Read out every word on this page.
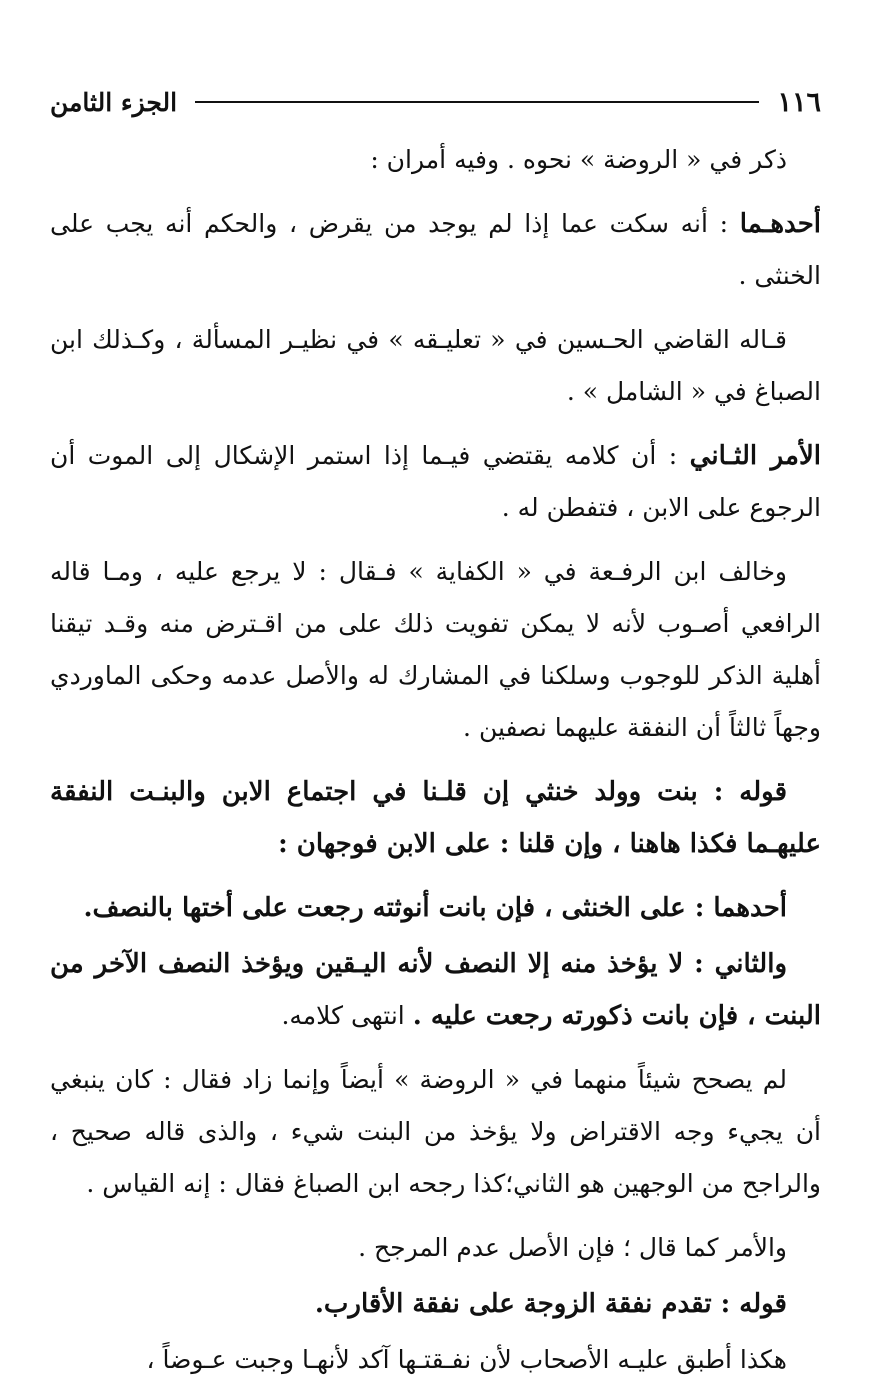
١١٦
الجزء الثامن

ذكر في « الروضة » نحوه . وفيه أمران :

أحدهـما : أنه سكت عما إذا لم يوجد من يقرض ، والحكم أنه يجب على الخنثى .

قـاله القاضي الحـسين في « تعليـقه » في نظيـر المسألة ، وكـذلك ابن الصباغ في « الشامل » .

الأمر الثـاني : أن كلامه يقتضي فيـما إذا استمر الإشكال إلى الموت أن الرجوع على الابن ، فتفطن له .

وخالف ابن الرفـعة في « الكفاية » فـقال : لا يرجع عليه ، ومـا قاله الرافعي أصـوب لأنه لا يمكن تفويت ذلك على من اقـترض منه وقـد تيقنا أهلية الذكر للوجوب وسلكنا في المشارك له والأصل عدمه وحكى الماوردي وجهاً ثالثاً أن النفقة عليهما نصفين .

قوله : بنت وولد خنثي إن قلـنا في اجتماع الابن والبنـت النفقة عليهـما فكذا هاهنا ، وإن قلنا : على الابن فوجهان :

أحدهما : على الخنثى ، فإن بانت أنوثته رجعت على أختها بالنصف.

والثاني : لا يؤخذ منه إلا النصف لأنه اليـقين ويؤخذ النصف الآخر من البنت ، فإن بانت ذكورته رجعت عليه . انتهى كلامه.

لم يصحح شيئاً منهما في « الروضة » أيضاً وإنما زاد فقال : كان ينبغي أن يجيء وجه الاقتراض ولا يؤخذ من البنت شيء ، والذى قاله صحيح ، والراجح من الوجهين هو الثاني؛كذا رجحه ابن الصباغ فقال : إنه القياس .

والأمر كما قال ؛ فإن الأصل عدم المرجح .

قوله : تقدم نفقة الزوجة على نفقة الأقارب.

هكذا أطبق عليـه الأصحاب لأن نفـقتـها آكد لأنهـا وجبت عـوضاً ،
